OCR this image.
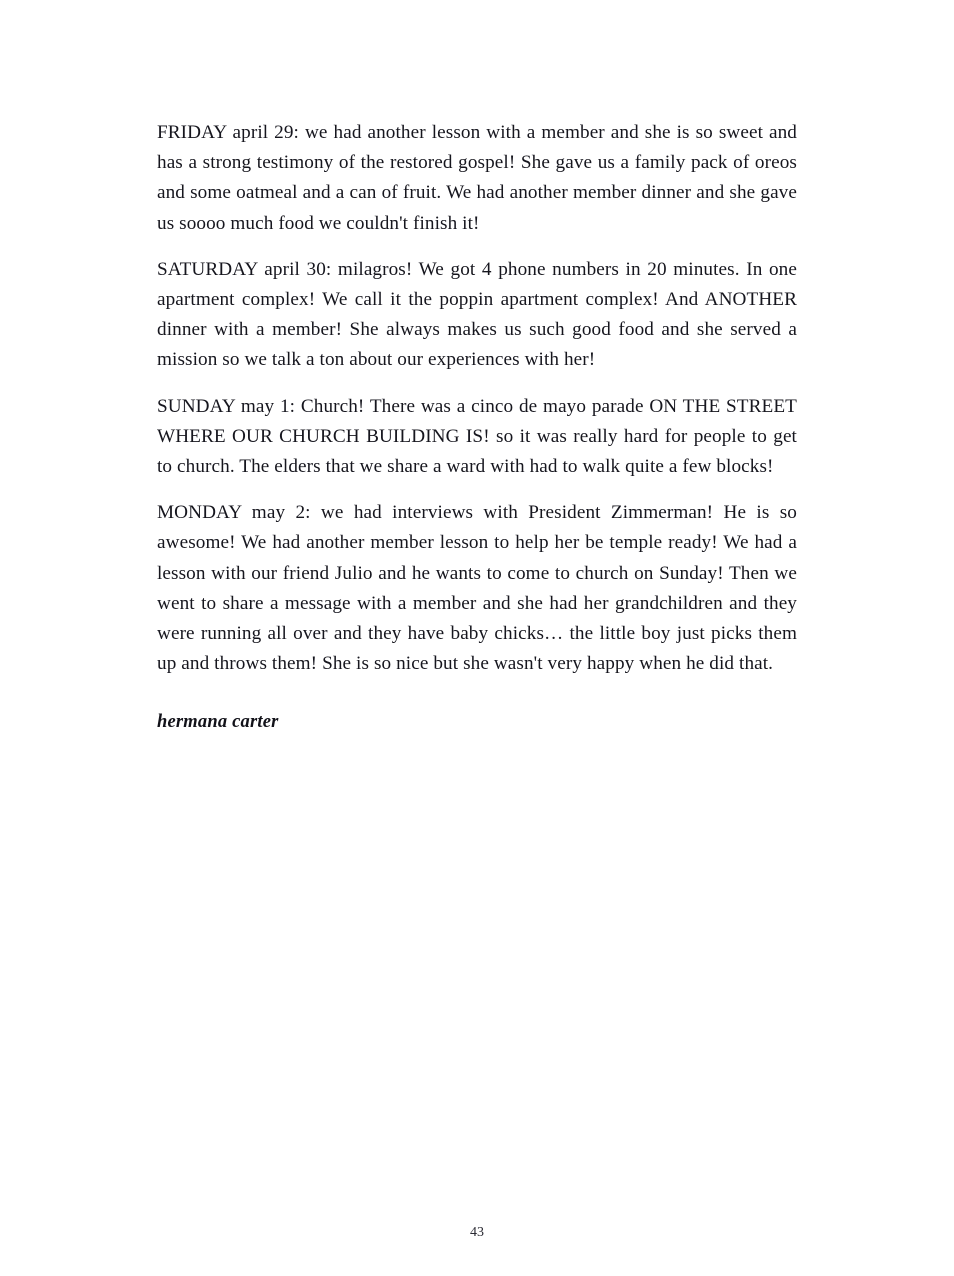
FRIDAY april 29: we had another lesson with a member and she is so sweet and has a strong testimony of the restored gospel! She gave us a family pack of oreos and some oatmeal and a can of fruit. We had another member dinner and she gave us soooo much food we couldn't finish it!

SATURDAY april 30: milagros! We got 4 phone numbers in 20 minutes. In one apartment complex! We call it the poppin apartment complex! And ANOTHER dinner with a member! She always makes us such good food and she served a mission so we talk a ton about our experiences with her!

SUNDAY may 1: Church! There was a cinco de mayo parade ON THE STREET WHERE OUR CHURCH BUILDING IS! so it was really hard for people to get to church. The elders that we share a ward with had to walk quite a few blocks!

MONDAY may 2: we had interviews with President Zimmerman! He is so awesome! We had another member lesson to help her be temple ready! We had a lesson with our friend Julio and he wants to come to church on Sunday! Then we went to share a message with a member and she had her grandchildren and they were running all over and they have baby chicks… the little boy just picks them up and throws them! She is so nice but she wasn't very happy when he did that.

hermana carter
43
